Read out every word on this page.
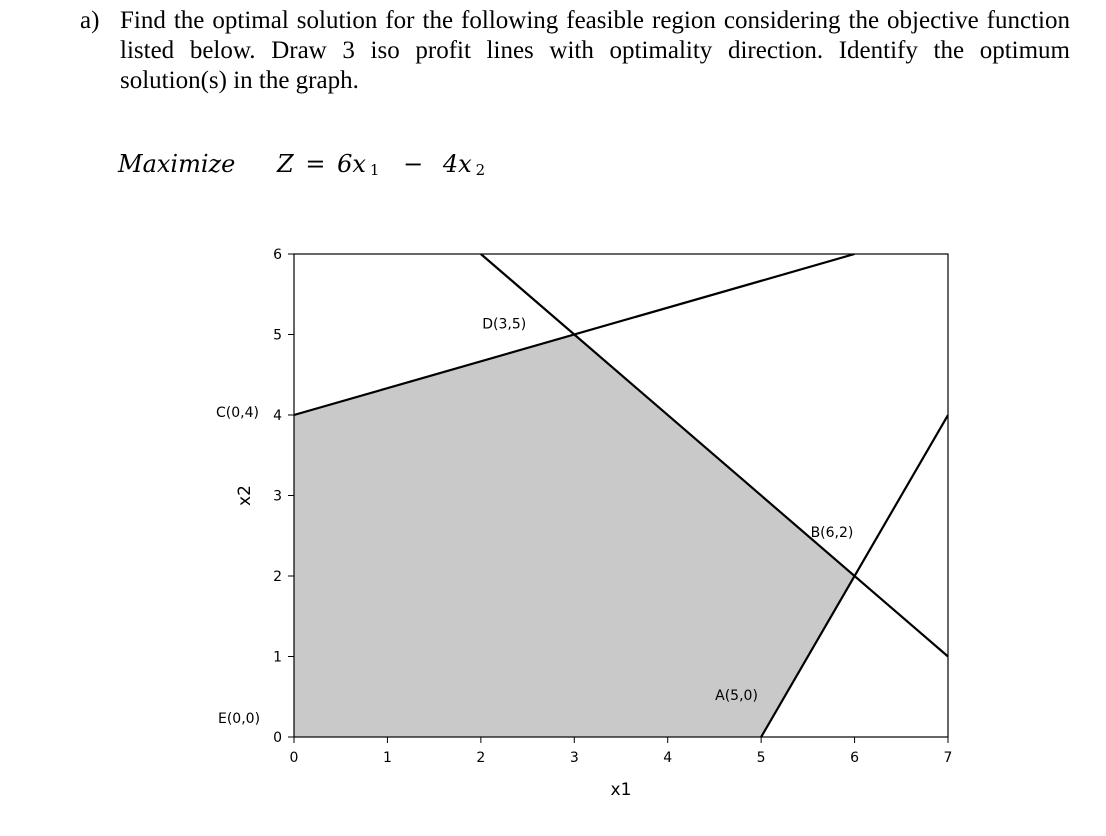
a) Find the optimal solution for the following feasible region considering the objective function listed below. Draw 3 iso profit lines with optimality direction. Identify the optimum solution(s) in the graph.
Maximize Z = 6x $_1$ − 4x $_2$
0	1	2	3	4	5	6	7
0
1
2
3
4
5
6
x1
x2
C(0,4)
D(3,5)
B(6,2)
A(5,0)
E(0,0)
